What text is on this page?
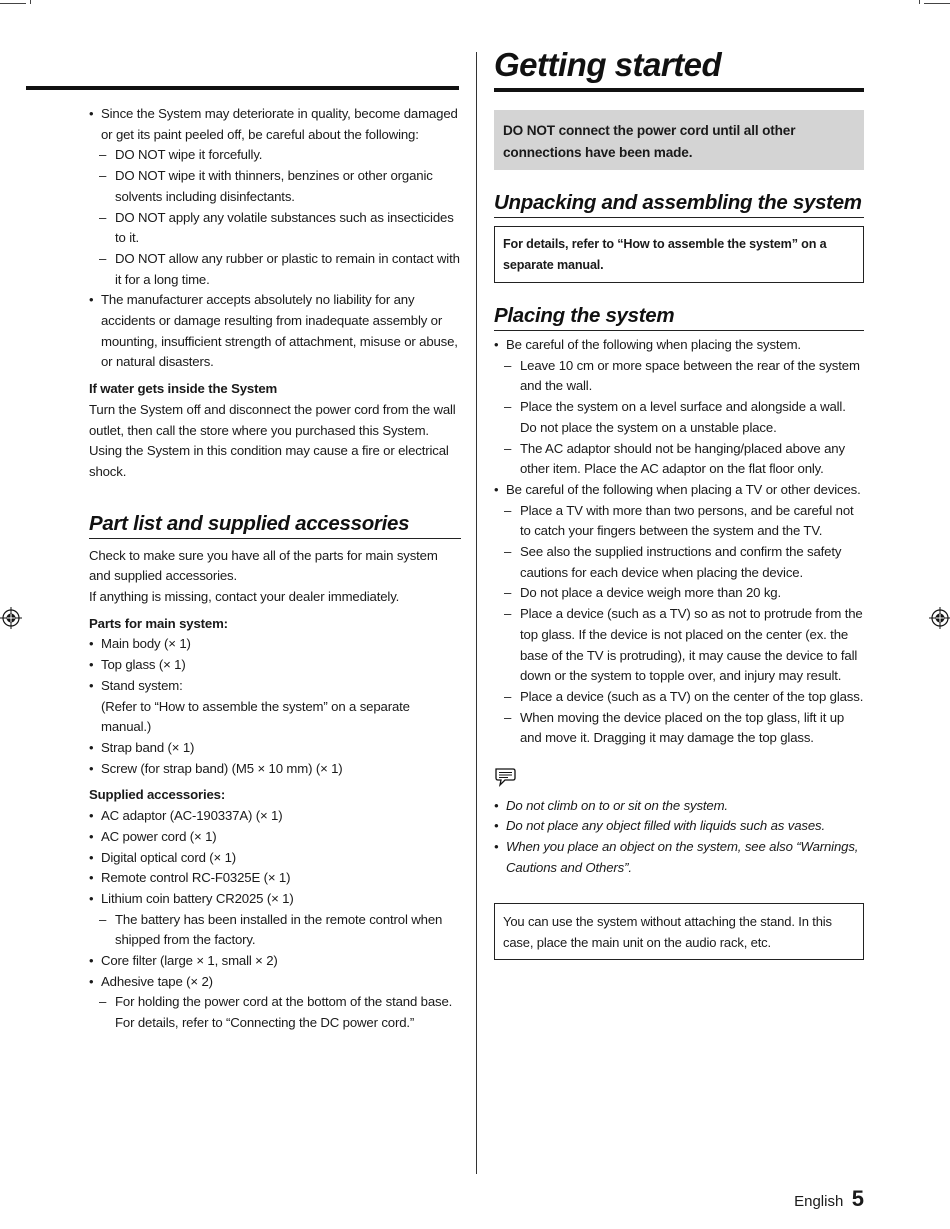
• Since the System may deteriorate in quality, become damaged or get its paint peeled off, be careful about the following:
– DO NOT wipe it forcefully.
– DO NOT wipe it with thinners, benzines or other organic solvents including disinfectants.
– DO NOT apply any volatile substances such as insecticides to it.
– DO NOT allow any rubber or plastic to remain in contact with it for a long time.
• The manufacturer accepts absolutely no liability for any accidents or damage resulting from inadequate assembly or mounting, insufficient strength of attachment, misuse or abuse, or natural disasters.
If water gets inside the System
Turn the System off and disconnect the power cord from the wall outlet, then call the store where you purchased this System. Using the System in this condition may cause a fire or electrical shock.
Part list and supplied accessories
Check to make sure you have all of the parts for main system and supplied accessories.
If anything is missing, contact your dealer immediately.
Parts for main system:
• Main body (× 1)
• Top glass (× 1)
• Stand system:
(Refer to “How to assemble the system” on a separate manual.)
• Strap band (× 1)
• Screw (for strap band) (M5 × 10 mm) (× 1)
Supplied accessories:
• AC adaptor (AC-190337A) (× 1)
• AC power cord (× 1)
• Digital optical cord (× 1)
• Remote control RC-F0325E (× 1)
• Lithium coin battery CR2025 (× 1)
– The battery has been installed in the remote control when shipped from the factory.
• Core filter (large × 1, small × 2)
• Adhesive tape (× 2)
– For holding the power cord at the bottom of the stand base. For details, refer to “Connecting the DC power cord.”
Getting started
DO NOT connect the power cord until all other connections have been made.
Unpacking and assembling the system
For details, refer to “How to assemble the system” on a separate manual.
Placing the system
• Be careful of the following when placing the system.
– Leave 10 cm or more space between the rear of the system and the wall.
– Place the system on a level surface and alongside a wall. Do not place the system on a unstable place.
– The AC adaptor should not be hanging/placed above any other item. Place the AC adaptor on the flat floor only.
• Be careful of the following when placing a TV or other devices.
– Place a TV with more than two persons, and be careful not to catch your fingers between the system and the TV.
– See also the supplied instructions and confirm the safety cautions for each device when placing the device.
– Do not place a device weigh more than 20 kg.
– Place a device (such as a TV) so as not to protrude from the top glass. If the device is not placed on the center (ex. the base of the TV is protruding), it may cause the device to fall down or the system to topple over, and injury may result.
– Place a device (such as a TV) on the center of the top glass.
– When moving the device placed on the top glass, lift it up and move it. Dragging it may damage the top glass.
• Do not climb on to or sit on the system.
• Do not place any object filled with liquids such as vases.
• When you place an object on the system, see also “Warnings, Cautions and Others”.
You can use the system without attaching the stand. In this case, place the main unit on the audio rack, etc.
English 5
